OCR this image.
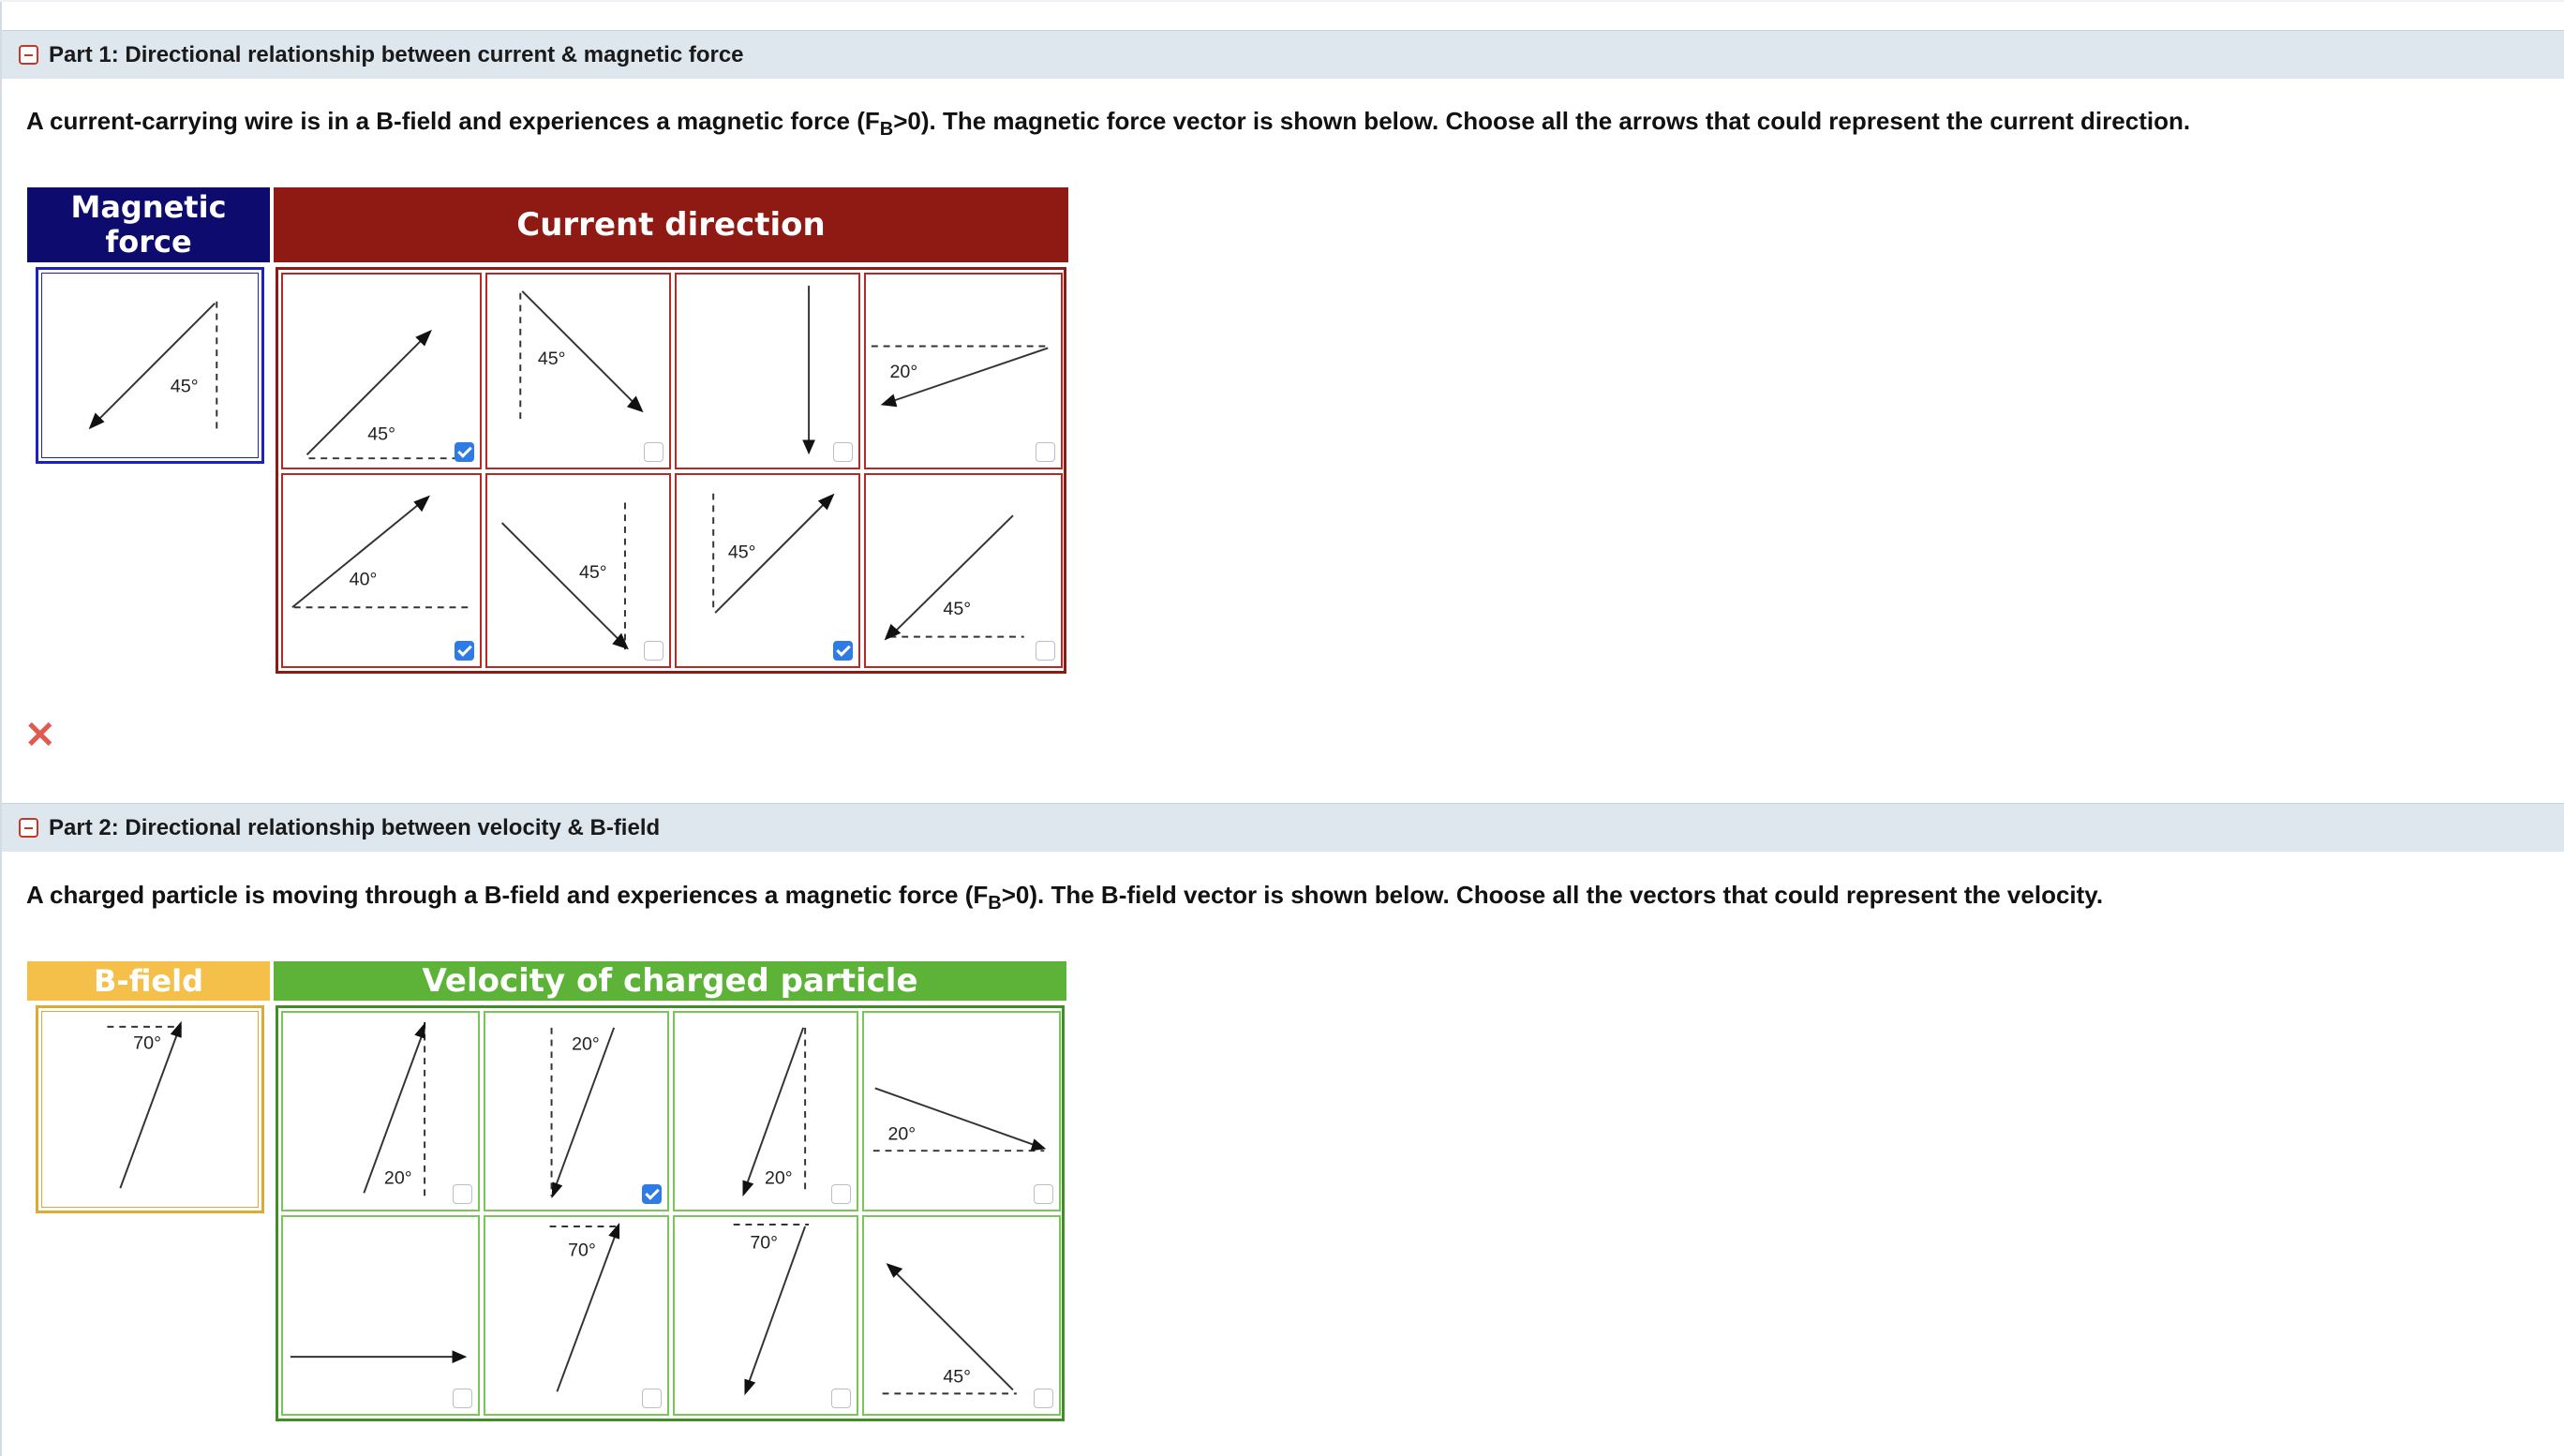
Part 1: Directional relationship between current & magnetic force
A current-carrying wire is in a B-field and experiences a magnetic force $(F_B>0)$. The magnetic force vector is shown below. Choose all the arrows that could represent the current direction.
Magnetic
force	Current direction
45°
45°
45°
20°
40°	45°
45°
45°
✕
Part 2: Directional relationship between velocity & B-field
A charged particle is moving through a B-field and experiences a magnetic force $(F_B>0)$. The B-field vector is shown below. Choose all the vectors that could represent the velocity.
B-field	Velocity of charged particle
70°
20°
20°
20°
20°
70°	70°
45°
